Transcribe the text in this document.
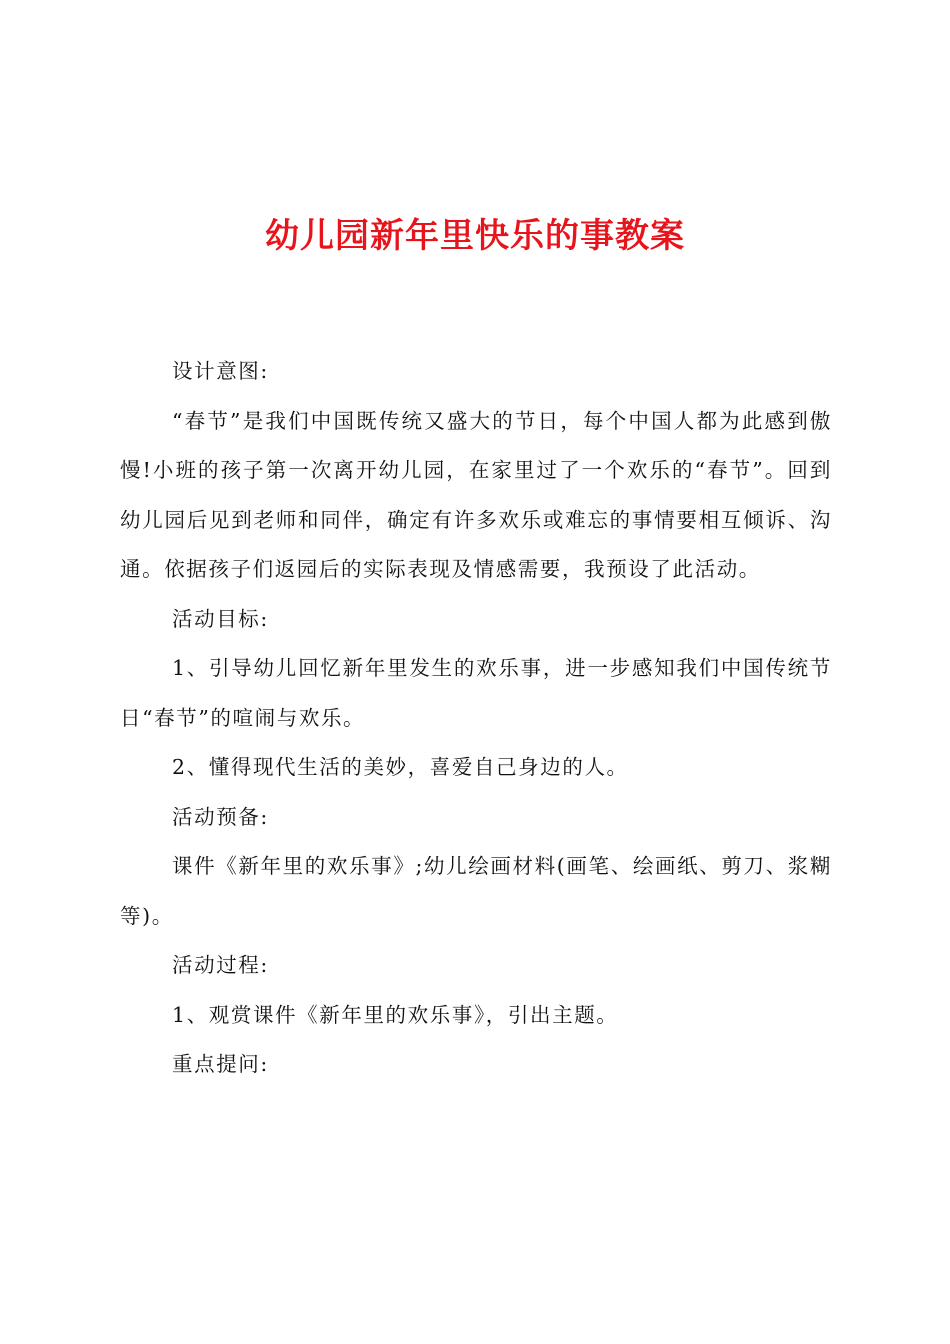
幼儿园新年里快乐的事教案

设计意图:

“春节”是我们中国既传统又盛大的节日，每个中国人都为此感到傲慢!小班的孩子第一次离开幼儿园，在家里过了一个欢乐的“春节”。回到幼儿园后见到老师和同伴，确定有许多欢乐或难忘的事情要相互倾诉、沟通。依据孩子们返园后的实际表现及情感需要，我预设了此活动。

活动目标:

1、引导幼儿回忆新年里发生的欢乐事，进一步感知我们中国传统节日“春节”的喧闹与欢乐。

2、懂得现代生活的美妙，喜爱自己身边的人。

活动预备:

课件《新年里的欢乐事》;幼儿绘画材料(画笔、绘画纸、剪刀、浆糊等)。

活动过程:

1、观赏课件《新年里的欢乐事》，引出主题。

重点提问:
